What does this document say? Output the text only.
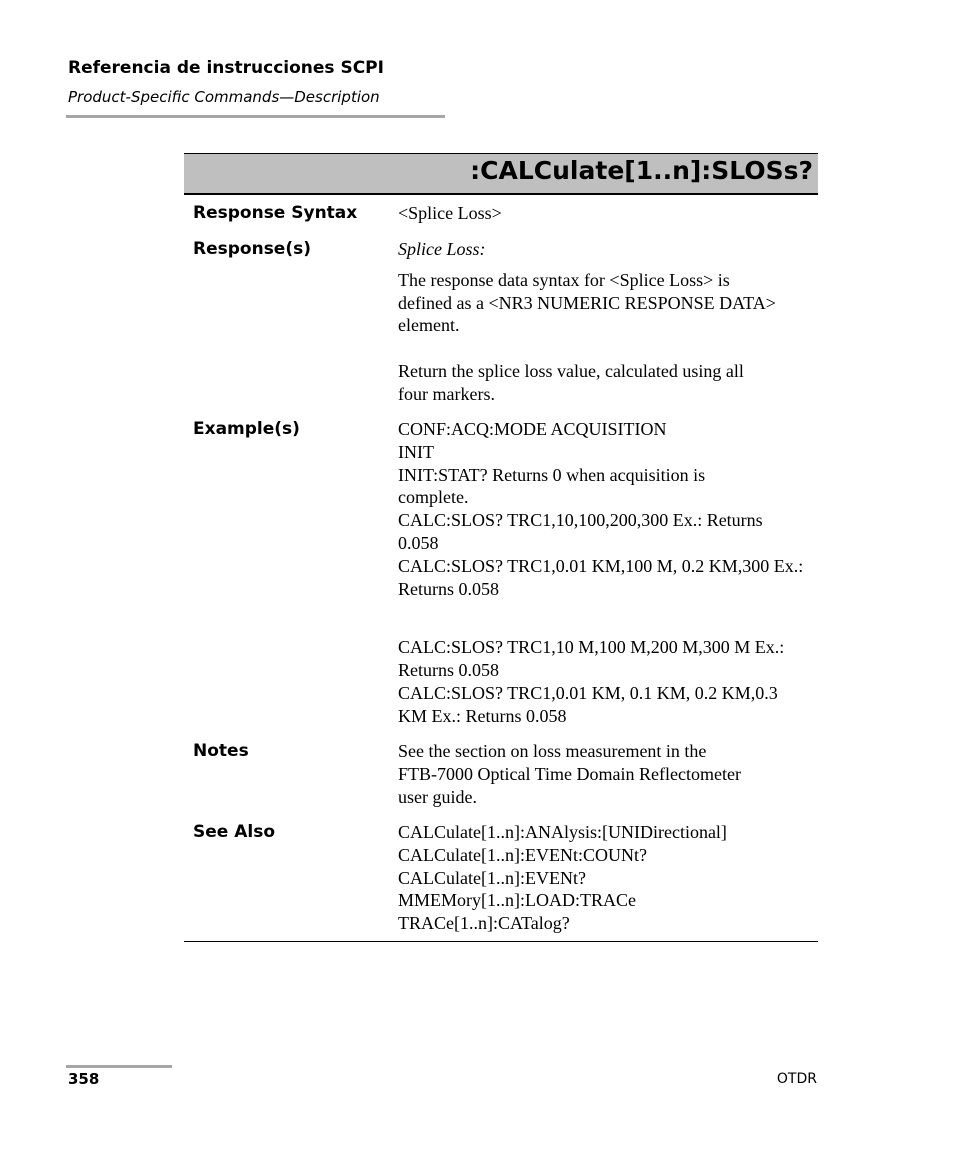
Referencia de instrucciones SCPI
Product-Specific Commands—Description
:CALCulate[1..n]:SLOSs?
Response Syntax <Splice Loss>

Response(s)	Splice Loss:

The response data syntax for <Splice Loss> is

defined as a <NR3 NUMERIC RESPONSE DATA>

element.

Return the splice loss value, calculated using all

four markers.

Example(s)	CONF:ACQ:MODE ACQUISITION

INIT

INIT:STAT? Returns 0 when acquisition is

complete.

CALC:SLOS? TRC1,10,100,200,300 Ex.: Returns

0.058

CALC:SLOS? TRC1,0.01 KM,100 M, 0.2 KM,300 Ex.:

Returns 0.058

CALC:SLOS? TRC1,10 M,100 M,200 M,300 M Ex.:

Returns 0.058

CALC:SLOS? TRC1,0.01 KM, 0.1 KM, 0.2 KM,0.3

KM Ex.: Returns 0.058

Notes	See the section on loss measurement in the

FTB-7000 Optical Time Domain Reflectometer

user guide.

See Also	CALCulate[1..n]:ANAlysis:[UNIDirectional]

CALCulate[1..n]:EVENt:COUNt?

CALCulate[1..n]:EVENt?

MMEMory[1..n]:LOAD:TRACe

TRACe[1..n]:CATalog?

358	OTDR
